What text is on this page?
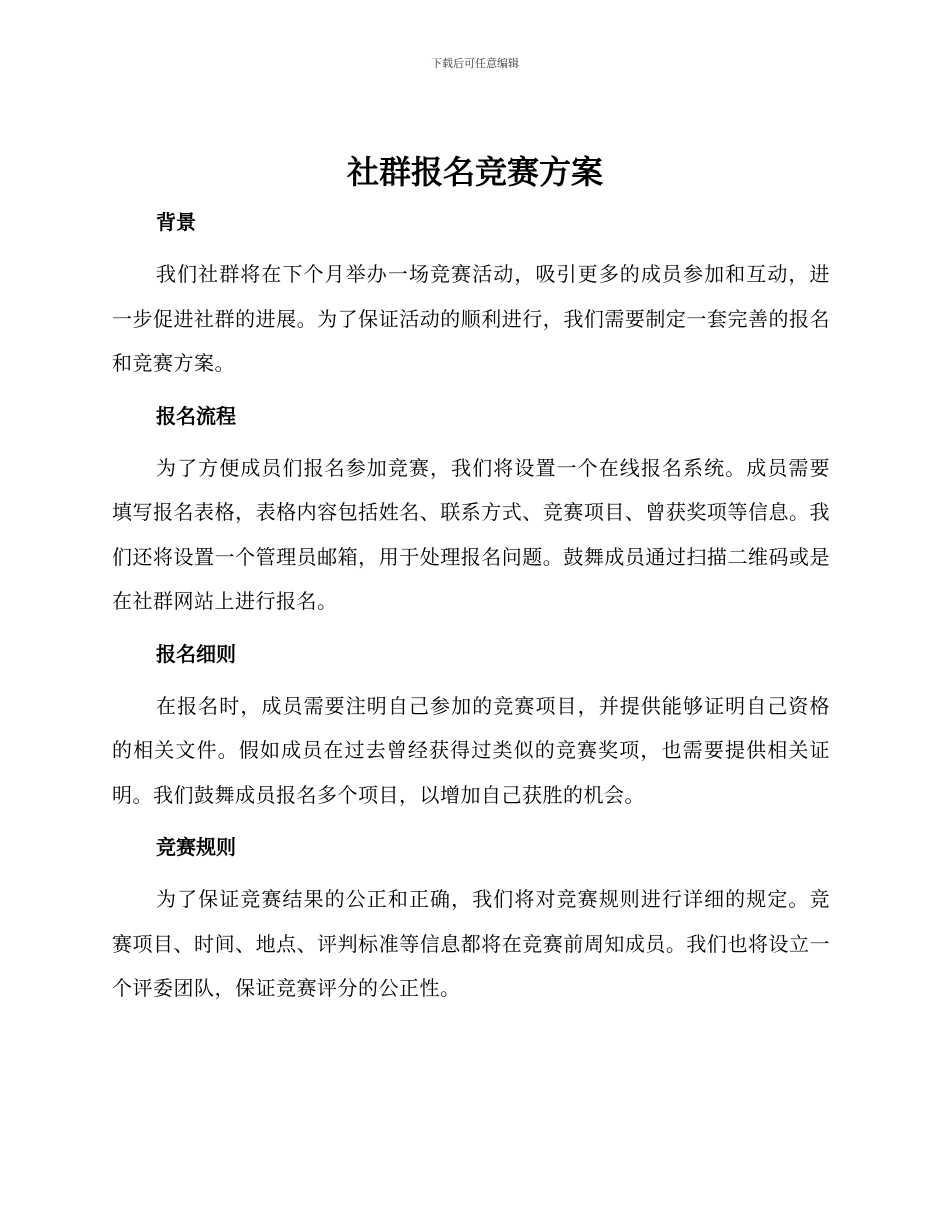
下载后可任意编辑
社群报名竞赛方案
背景

我们社群将在下个月举办一场竞赛活动，吸引更多的成员参加和互动，进一步促进社群的进展。为了保证活动的顺利进行，我们需要制定一套完善的报名和竞赛方案。

报名流程

为了方便成员们报名参加竞赛，我们将设置一个在线报名系统。成员需要填写报名表格，表格内容包括姓名、联系方式、竞赛项目、曾获奖项等信息。我们还将设置一个管理员邮箱，用于处理报名问题。鼓舞成员通过扫描二维码或是在社群网站上进行报名。

报名细则

在报名时，成员需要注明自己参加的竞赛项目，并提供能够证明自己资格的相关文件。假如成员在过去曾经获得过类似的竞赛奖项，也需要提供相关证明。我们鼓舞成员报名多个项目，以增加自己获胜的机会。

竞赛规则

为了保证竞赛结果的公正和正确，我们将对竞赛规则进行详细的规定。竞赛项目、时间、地点、评判标准等信息都将在竞赛前周知成员。我们也将设立一个评委团队，保证竞赛评分的公正性。
